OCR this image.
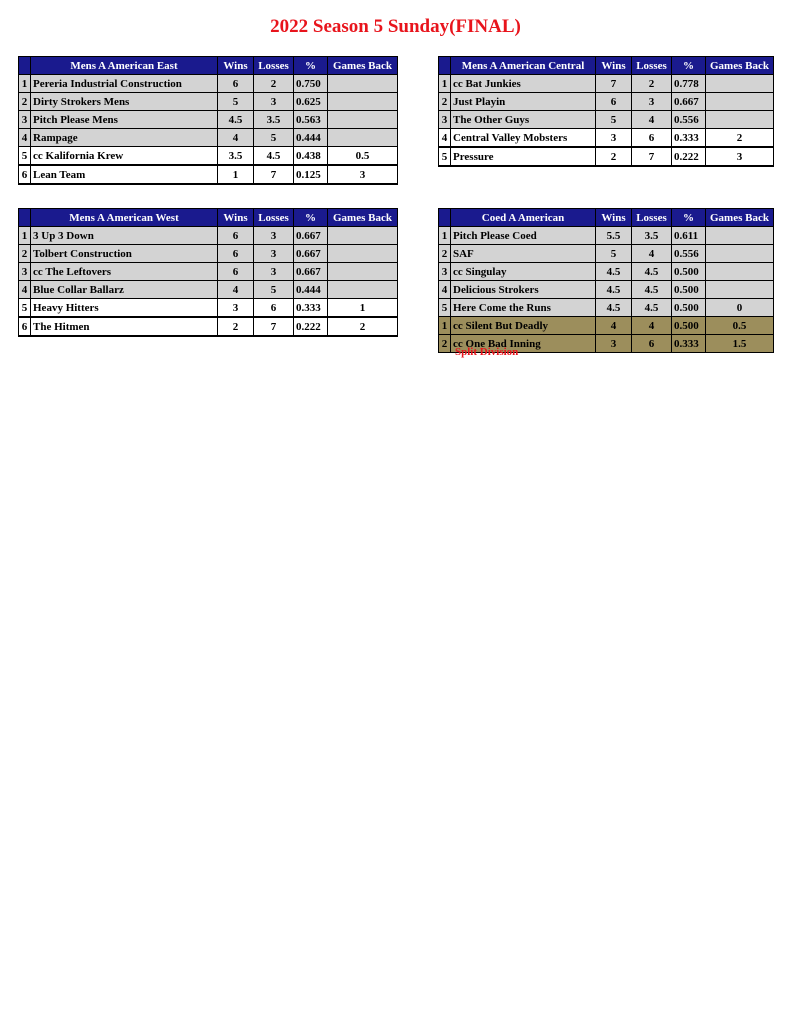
2022 Season 5 Sunday(FINAL)
	Mens A American East	Wins	Losses	%	Games Back
1	Pereria Industrial Construction	6	2	0.750	
2	Dirty Strokers Mens	5	3	0.625	
3	Pitch Please Mens	4.5	3.5	0.563	
4	Rampage	4	5	0.444	
5	cc Kalifornia Krew	3.5	4.5	0.438	0.5
6	Lean Team	1	7	0.125	3
	Mens A American Central	Wins	Losses	%	Games Back
1	cc Bat Junkies	7	2	0.778	
2	Just Playin	6	3	0.667	
3	The Other Guys	5	4	0.556	
4	Central Valley Mobsters	3	6	0.333	2
5	Pressure	2	7	0.222	3
	Mens A American West	Wins	Losses	%	Games Back
1	3 Up 3 Down	6	3	0.667	
2	Tolbert Construction	6	3	0.667	
3	cc The Leftovers	6	3	0.667	
4	Blue Collar Ballarz	4	5	0.444	
5	Heavy Hitters	3	6	0.333	1
6	The Hitmen	2	7	0.222	2
	Coed A American	Wins	Losses	%	Games Back
1	Pitch Please Coed	5.5	3.5	0.611	
2	SAF	5	4	0.556	
3	cc Singulay	4.5	4.5	0.500	
4	Delicious Strokers	4.5	4.5	0.500	
5	Here Come the Runs	4.5	4.5	0.500	0
1	cc Silent But Deadly	4	4	0.500	0.5
2	cc One Bad Inning	3	6	0.333	1.5
Split Division
